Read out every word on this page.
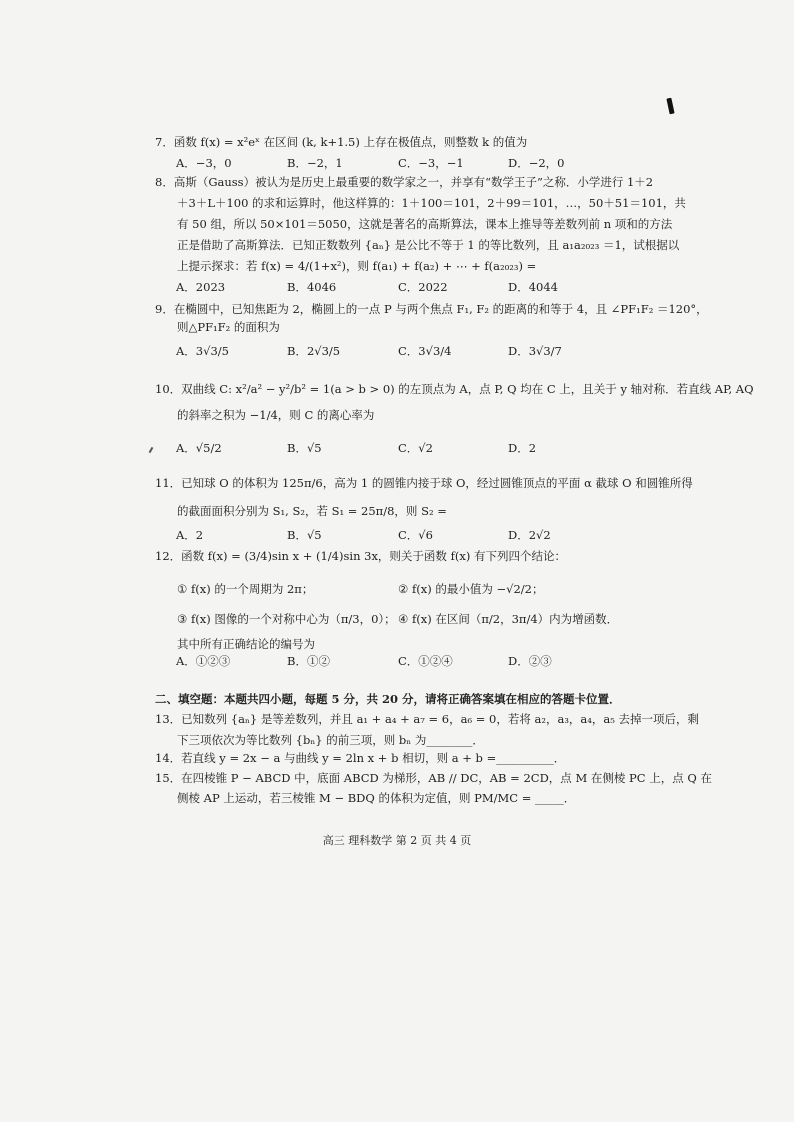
7．函数 f(x) = x²eˣ 在区间 (k, k+1.5) 上存在极值点，则整数 k 的值为
A．−3，0	B．−2，1	C．−3，−1	D．−2，0
8．高斯（Gauss）被认为是历史上最重要的数学家之一，并享有“数学王子”之称．小学进行 1＋2
＋3＋L＋100 的求和运算时，他这样算的：1＋100＝101，2＋99＝101，…，50＋51＝101，共
有 50 组，所以 50×101＝5050，这就是著名的高斯算法，课本上推导等差数列前 n 项和的方法
正是借助了高斯算法．已知正数数列 {aₙ} 是公比不等于 1 的等比数列，且 a₁a₂₀₂₃ ＝1，试根据以
上提示探求：若 f(x) = 4/(1+x²)，则 f(a₁) + f(a₂) + ⋯ + f(a₂₀₂₃) =
A．2023	B．4046	C．2022	D．4044
9．在椭圆中，已知焦距为 2，椭圆上的一点 P 与两个焦点 F₁, F₂ 的距离的和等于 4，且 ∠PF₁F₂ ＝120°，
则△PF₁F₂ 的面积为
A．3√3/5	B．2√3/5	C．3√3/4	D．3√3/7
10．双曲线 C: x²/a² − y²/b² = 1(a > b > 0) 的左顶点为 A，点 P, Q 均在 C 上，且关于 y 轴对称．若直线 AP, AQ
的斜率之积为 −1/4，则 C 的离心率为
A．√5/2	B．√5	C．√2	D．2
11．已知球 O 的体积为 125π/6，高为 1 的圆锥内接于球 O，经过圆锥顶点的平面 α 截球 O 和圆锥所得
的截面面积分别为 S₁, S₂，若 S₁ = 25π/8，则 S₂ =
A．2	B．√5	C．√6	D．2√2
12．函数 f(x) = (3/4)sin x + (1/4)sin 3x，则关于函数 f(x) 有下列四个结论：
① f(x) 的一个周期为 2π；	② f(x) 的最小值为 −√2/2；
③ f(x) 图像的一个对称中心为（π/3，0）； ④ f(x) 在区间（π/2，3π/4）内为增函数．
其中所有正确结论的编号为
A．①②③	B．①②	C．①②④	D．②③
二、填空题：本题共四小题，每题 5 分，共 20 分，请将正确答案填在相应的答题卡位置．
13．已知数列 {aₙ} 是等差数列，并且 a₁ + a₄ + a₇ = 6，a₆ = 0，若将 a₂，a₃，a₄，a₅ 去掉一项后，剩
下三项依次为等比数列 {bₙ} 的前三项，则 bₙ 为________．
14．若直线 y = 2x − a 与曲线 y = 2ln x + b 相切，则 a + b =__________．
15．在四棱锥 P − ABCD 中，底面 ABCD 为梯形，AB // DC，AB = 2CD，点 M 在侧棱 PC 上，点 Q 在
侧棱 AP 上运动，若三棱锥 M − BDQ 的体积为定值，则 PM/MC = _____．
高三 理科数学 第 2 页 共 4 页
